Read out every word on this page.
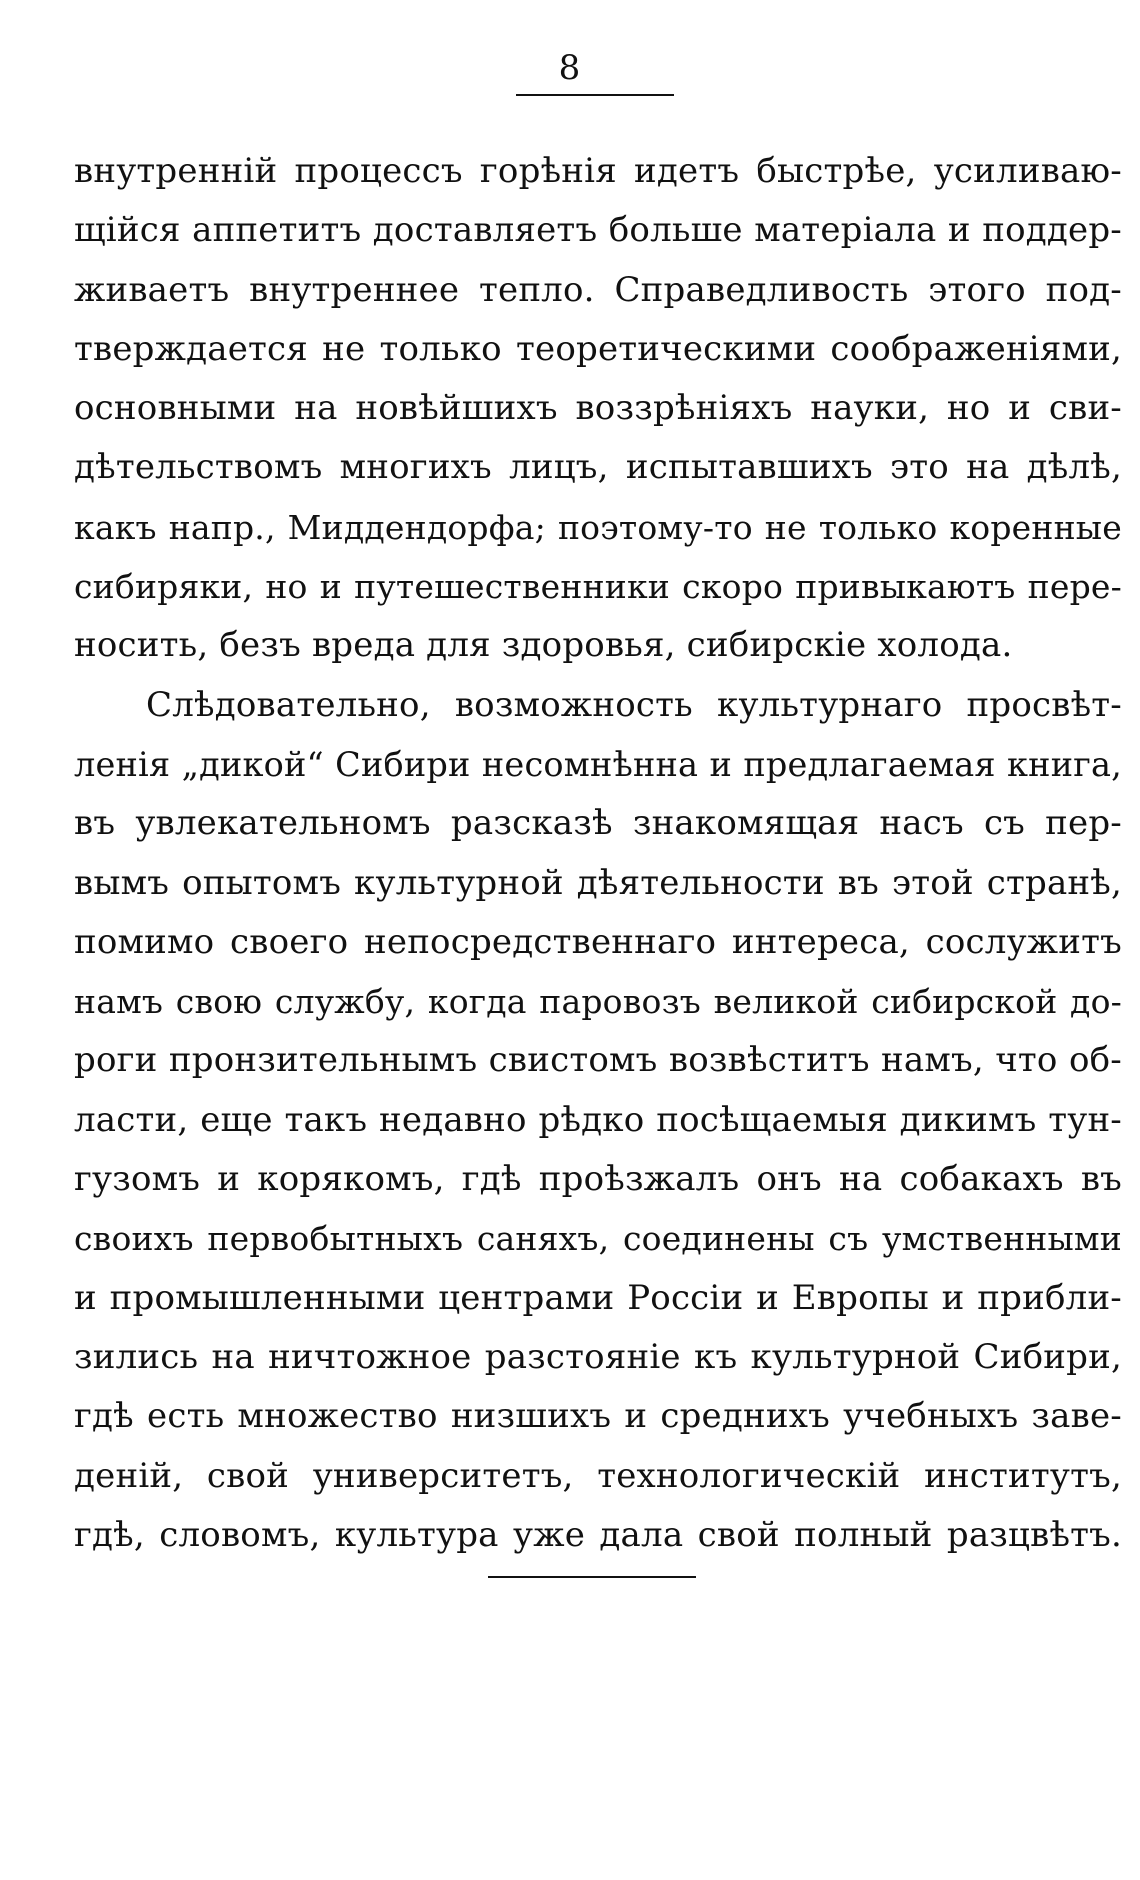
8
внутренній процессъ горѣнія идетъ быстрѣе, усиливаю-
щійся аппетитъ доставляетъ больше матеріала и поддер-
живаетъ внутреннее тепло. Справедливость этого под-
тверждается не только теоретическими соображеніями,
основными на новѣйшихъ воззрѣніяхъ науки, но и сви-
дѣтельствомъ многихъ лицъ, испытавшихъ это на дѣлѣ,
какъ напр., Миддендорфа; поэтому-то не только коренные
сибиряки, но и путешественники скоро привыкаютъ пере-
носить, безъ вреда для здоровья, сибирскіе холода.
Слѣдовательно, возможность культурнаго просвѣт-
ленія „дикой“ Сибири несомнѣнна и предлагаемая книга,
въ увлекательномъ разсказѣ знакомящая насъ съ пер-
вымъ опытомъ культурной дѣятельности въ этой странѣ,
помимо своего непосредственнаго интереса, сослужитъ
намъ свою службу, когда паровозъ великой сибирской до-
роги пронзительнымъ свистомъ возвѣститъ намъ, что об-
ласти, еще такъ недавно рѣдко посѣщаемыя дикимъ тун-
гузомъ и корякомъ, гдѣ проѣзжалъ онъ на собакахъ въ
своихъ первобытныхъ саняхъ, соединены съ умственными
и промышленными центрами Россіи и Европы и прибли-
зились на ничтожное разстояніе къ культурной Сибири,
гдѣ есть множество низшихъ и среднихъ учебныхъ заве-
деній, свой университетъ, технологическій институтъ,
гдѣ, словомъ, культура уже дала свой полный разцвѣтъ.
